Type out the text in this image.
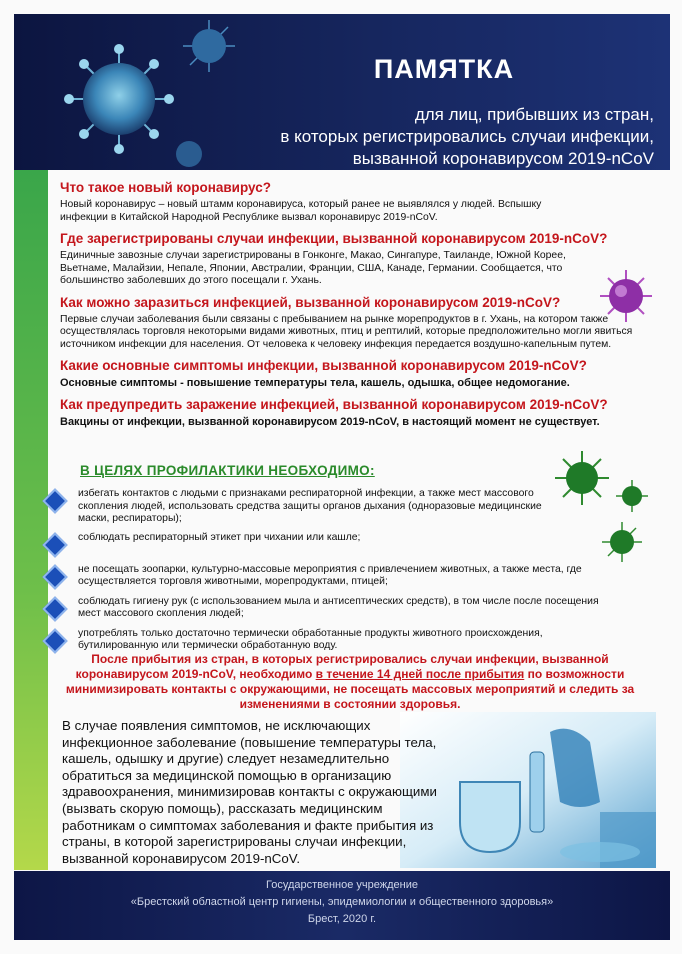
ПАМЯТКА
для лиц, прибывших из стран,
в которых регистрировались случаи инфекции,
вызванной коронавирусом 2019-nCoV

Что такое новый коронавирус?

Новый коронавирус – новый штамм коронавируса, который ранее не выявлялся у людей. Вспышку инфекции в Китайской Народной Республике вызвал коронавирус 2019-nCoV.

Где зарегистрированы случаи инфекции, вызванной коронавирусом 2019-nCoV?

Единичные завозные случаи зарегистрированы в Гонконге, Макао, Сингапуре, Таиланде, Южной Корее, Вьетнаме, Малайзии, Непале, Японии, Австралии, Франции, США, Канаде, Германии. Сообщается, что большинство заболевших до этого посещали г. Ухань.

Как можно заразиться инфекцией, вызванной коронавирусом 2019-nCoV?

Первые случаи заболевания были связаны с пребыванием на рынке морепродуктов в г. Ухань, на котором также осуществлялась торговля некоторыми видами животных, птиц и рептилий, которые предположительно могли явиться источником инфекции для населения. От человека к человеку инфекция передается воздушно-капельным путем.

Какие основные симптомы инфекции, вызванной коронавирусом 2019-nCoV?

Основные симптомы - повышение температуры тела, кашель, одышка, общее недомогание.

Как предупредить заражение инфекцией, вызванной коронавирусом 2019-nCoV?

Вакцины от инфекции, вызванной коронавирусом 2019-nCoV, в настоящий момент не существует.

В ЦЕЛЯХ ПРОФИЛАКТИКИ НЕОБХОДИМО:
избегать контактов с людьми с признаками респираторной инфекции, а также мест массового скопления людей, использовать средства защиты органов дыхания (одноразовые медицинские маски, респираторы);
соблюдать респираторный этикет при чихании или кашле;
не посещать зоопарки, культурно-массовые мероприятия с привлечением животных, а также места, где осуществляется торговля животными, морепродуктами, птицей;
соблюдать гигиену рук (с использованием мыла и антисептических средств), в том числе после посещения мест массового скопления людей;
употреблять только достаточно термически обработанные продукты животного происхождения, бутилированную или термически обработанную воду.
После прибытия из стран, в которых регистрировались случаи инфекции, вызванной коронавирусом 2019-nCoV, необходимо в течение 14 дней после прибытия по возможности минимизировать контакты с окружающими, не посещать массовых мероприятий и следить за изменениями в состоянии здоровья.
В случае появления симптомов, не исключающих инфекционное заболевание (повышение температуры тела, кашель, одышку и другие) следует незамедлительно обратиться за медицинской помощью в организацию здравоохранения, минимизировав контакты с окружающими (вызвать скорую помощь), рассказать медицинским работникам о симптомах заболевания и факте прибытия из страны, в которой зарегистрированы случаи инфекции, вызванной коронавирусом 2019-nCoV.
Государственное учреждение
«Брестский областной центр гигиены, эпидемиологии и общественного здоровья»
Брест, 2020 г.
